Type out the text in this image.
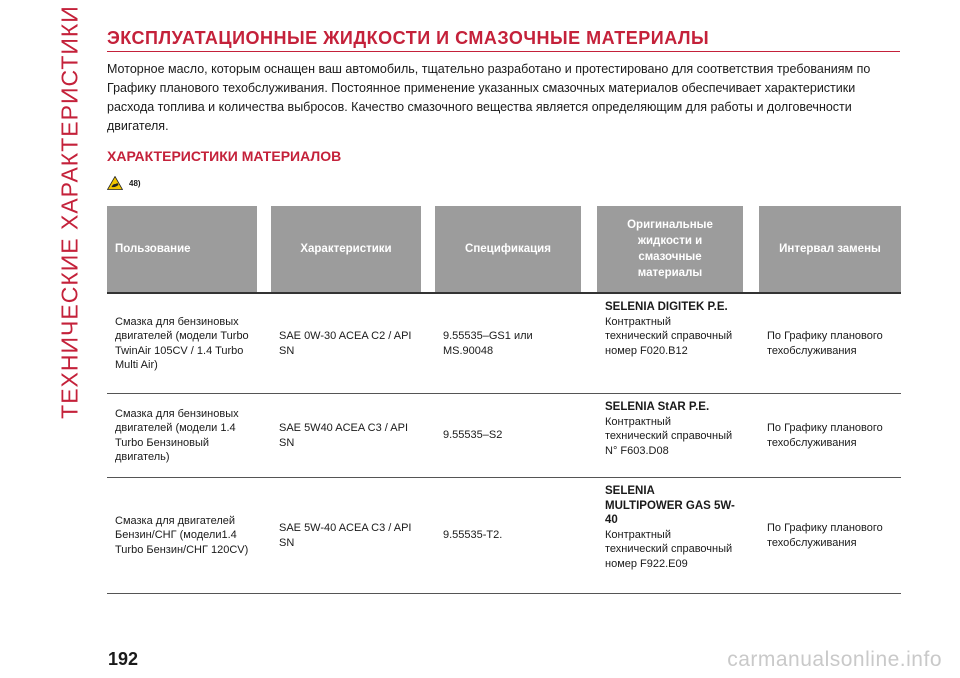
ТЕХНИЧЕСКИЕ ХАРАКТЕРИСТИКИ ЭКСПЛУАТАЦИОННЫЕ ЖИДКОСТИ И СМАЗОЧНЫЕ МАТЕРИАЛЫ

Моторное масло, которым оснащен ваш автомобиль, тщательно разработано и протестировано для соответствия требованиям по Графику планового техобслуживания. Постоянное применение указанных смазочных материалов обеспечивает характеристики расхода топлива и количества выбросов. Качество смазочного вещества является определяющим для работы и долговечности двигателя.

ХАРАКТЕРИСТИКИ МАТЕРИАЛОВ
48)
Пользование		Характеристики		Спецификация		Оригинальные жидкости и смазочные материалы		Интервал замены
Смазка для бензиновых двигателей (модели Turbo TwinAir 105CV / 1.4 Turbo Multi Air)		SAE 0W-30 ACEA C2 / API SN		9.55535–GS1 или MS.90048		SELENIA DIGITEK P.E.
Контрактный технический справочный номер F020.B12		По Графику планового техобслуживания
Смазка для бензиновых двигателей (модели 1.4 Turbo Бензиновый двигатель)		SAE 5W40 ACEA C3 / API SN		9.55535–S2		SELENIA StAR P.E.
Контрактный технический справочный N° F603.D08		По Графику планового техобслуживания
Смазка для двигателей Бензин/СНГ (модели1.4 Turbo Бензин/СНГ 120CV)		SAE 5W-40 ACEA C3 / API SN		9.55535-T2.		SELENIA MULTIPOWER GAS 5W-40
Контрактный технический справочный номер F922.E09		По Графику планового техобслуживания
192	carmanualsonline.info
